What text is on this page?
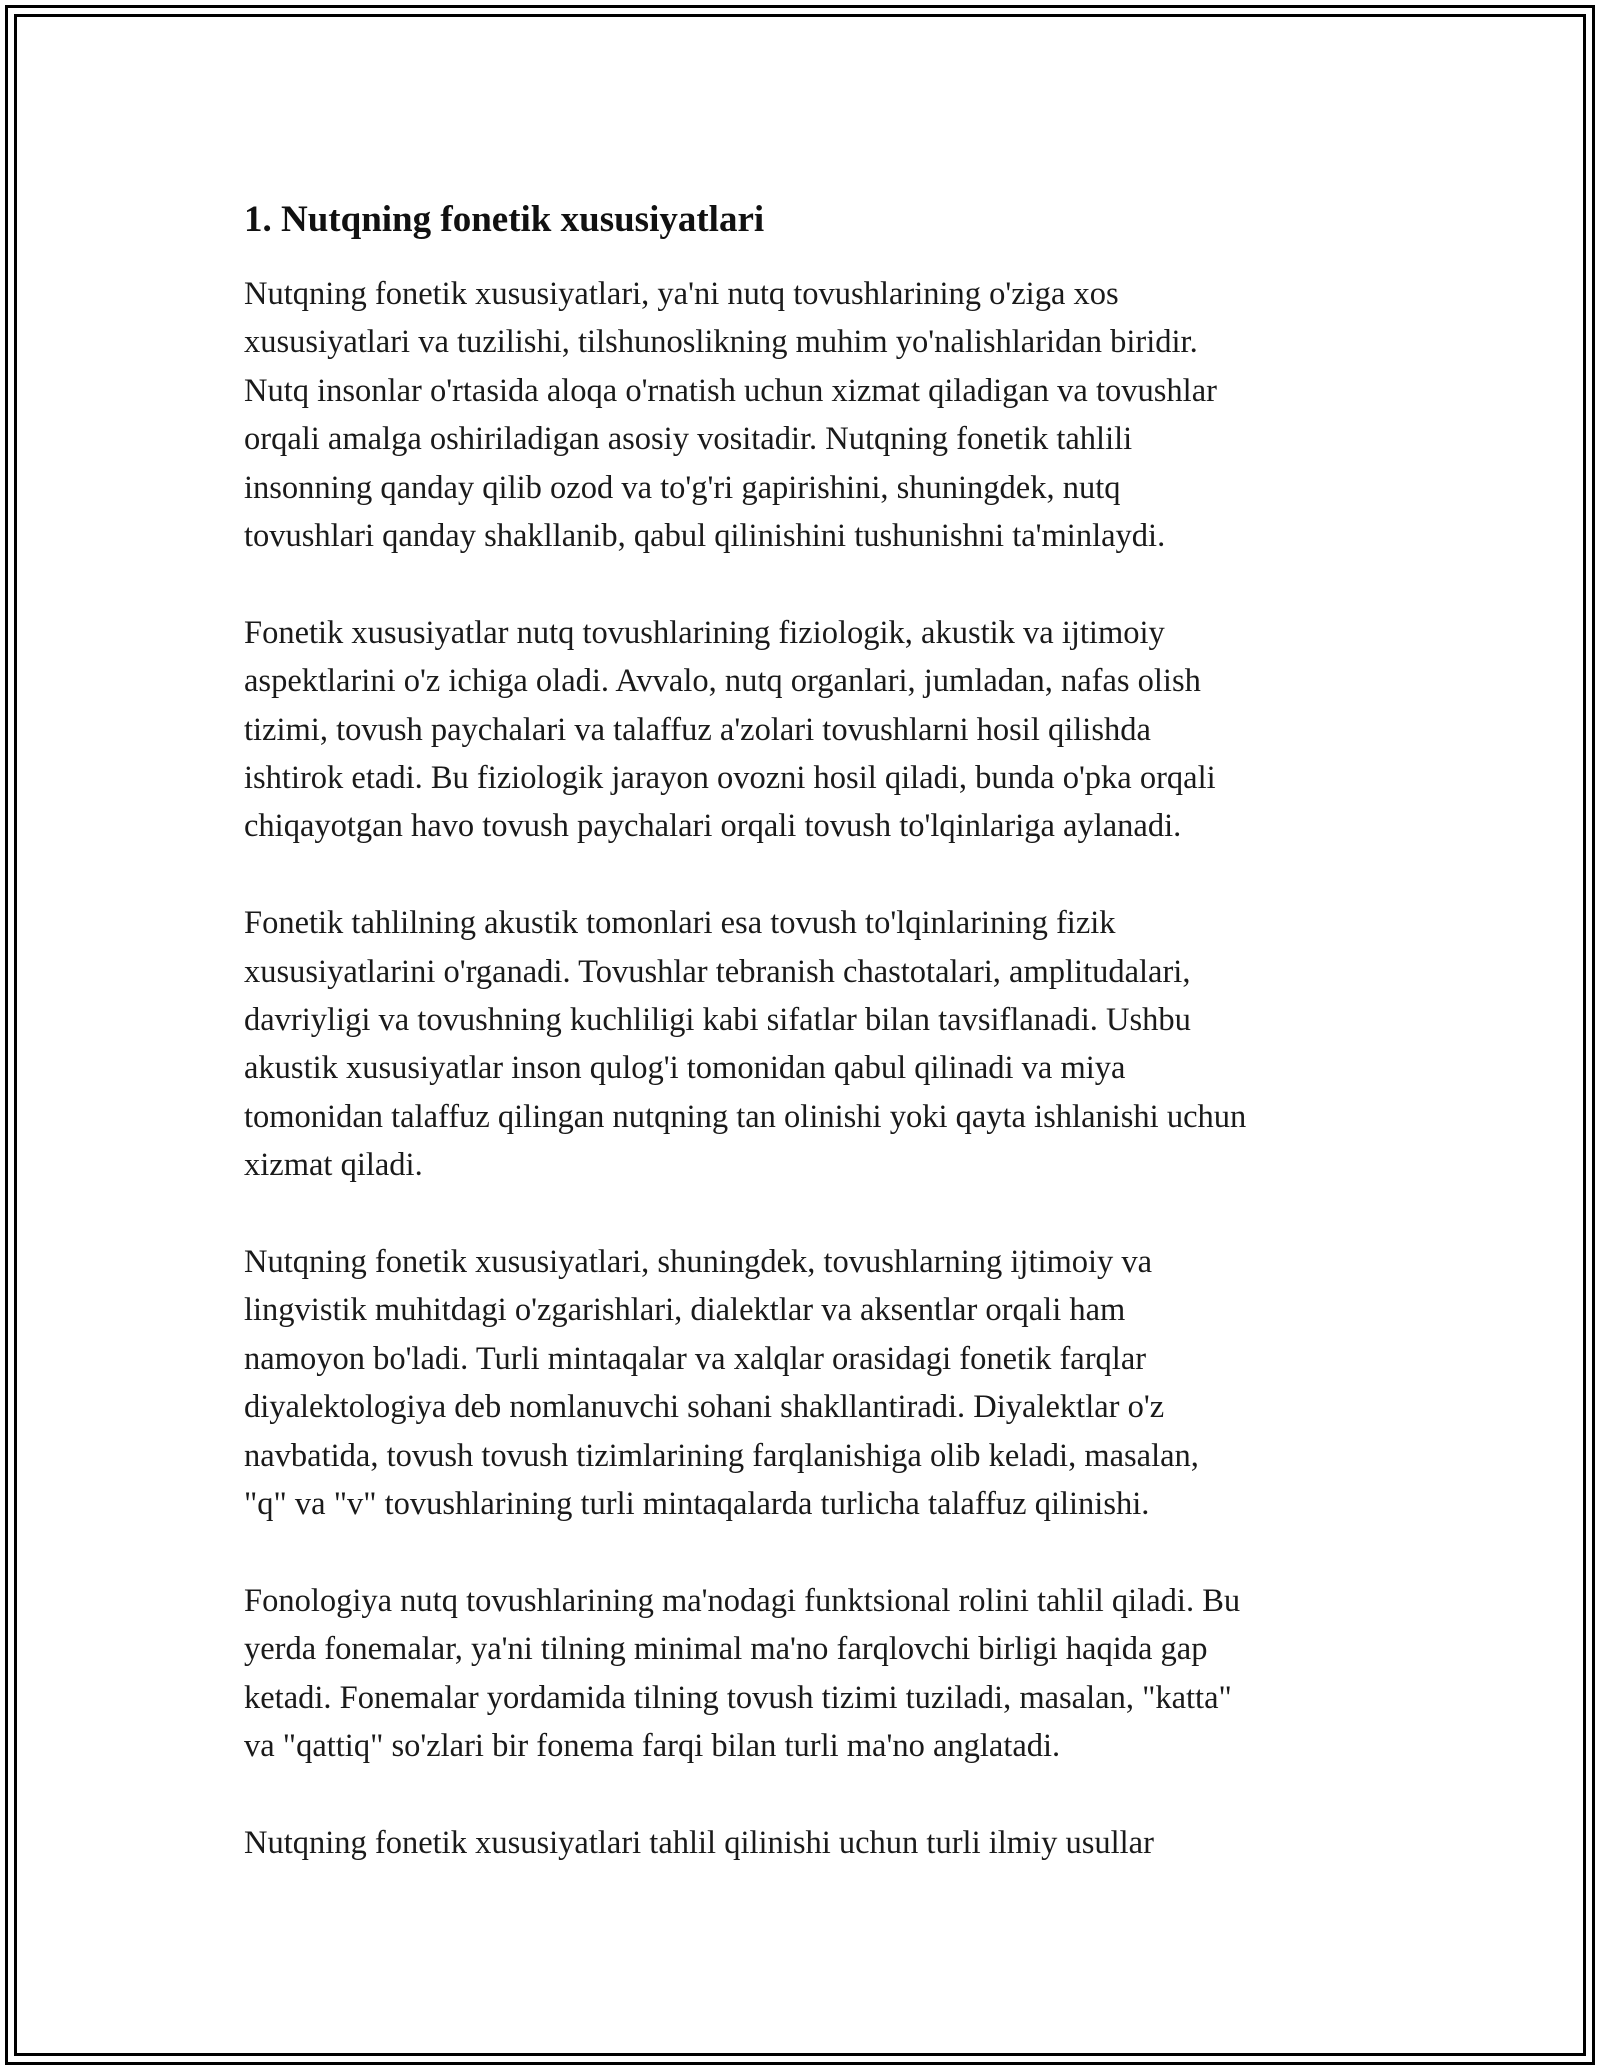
1. Nutqning fonetik xususiyatlari

Nutqning fonetik xususiyatlari, ya'ni nutq tovushlarining o'ziga xos
xususiyatlari va tuzilishi, tilshunoslikning muhim yo'nalishlaridan biridir.
Nutq insonlar o'rtasida aloqa o'rnatish uchun xizmat qiladigan va tovushlar
orqali amalga oshiriladigan asosiy vositadir. Nutqning fonetik tahlili
insonning qanday qilib ozod va to'g'ri gapirishini, shuningdek, nutq
tovushlari qanday shakllanib, qabul qilinishini tushunishni ta'minlaydi.

Fonetik xususiyatlar nutq tovushlarining fiziologik, akustik va ijtimoiy
aspektlarini o'z ichiga oladi. Avvalo, nutq organlari, jumladan, nafas olish
tizimi, tovush paychalari va talaffuz a'zolari tovushlarni hosil qilishda
ishtirok etadi. Bu fiziologik jarayon ovozni hosil qiladi, bunda o'pka orqali
chiqayotgan havo tovush paychalari orqali tovush to'lqinlariga aylanadi.

Fonetik tahlilning akustik tomonlari esa tovush to'lqinlarining fizik
xususiyatlarini o'rganadi. Tovushlar tebranish chastotalari, amplitudalari,
davriyligi va tovushning kuchliligi kabi sifatlar bilan tavsiflanadi. Ushbu
akustik xususiyatlar inson qulog'i tomonidan qabul qilinadi va miya
tomonidan talaffuz qilingan nutqning tan olinishi yoki qayta ishlanishi uchun
xizmat qiladi.

Nutqning fonetik xususiyatlari, shuningdek, tovushlarning ijtimoiy va
lingvistik muhitdagi o'zgarishlari, dialektlar va aksentlar orqali ham
namoyon bo'ladi. Turli mintaqalar va xalqlar orasidagi fonetik farqlar
diyalektologiya deb nomlanuvchi sohani shakllantiradi. Diyalektlar o'z
navbatida, tovush tovush tizimlarining farqlanishiga olib keladi, masalan,
"q" va "v" tovushlarining turli mintaqalarda turlicha talaffuz qilinishi.

Fonologiya nutq tovushlarining ma'nodagi funktsional rolini tahlil qiladi. Bu
yerda fonemalar, ya'ni tilning minimal ma'no farqlovchi birligi haqida gap
ketadi. Fonemalar yordamida tilning tovush tizimi tuziladi, masalan, "katta"
va "qattiq" so'zlari bir fonema farqi bilan turli ma'no anglatadi.

Nutqning fonetik xususiyatlari tahlil qilinishi uchun turli ilmiy usullar
